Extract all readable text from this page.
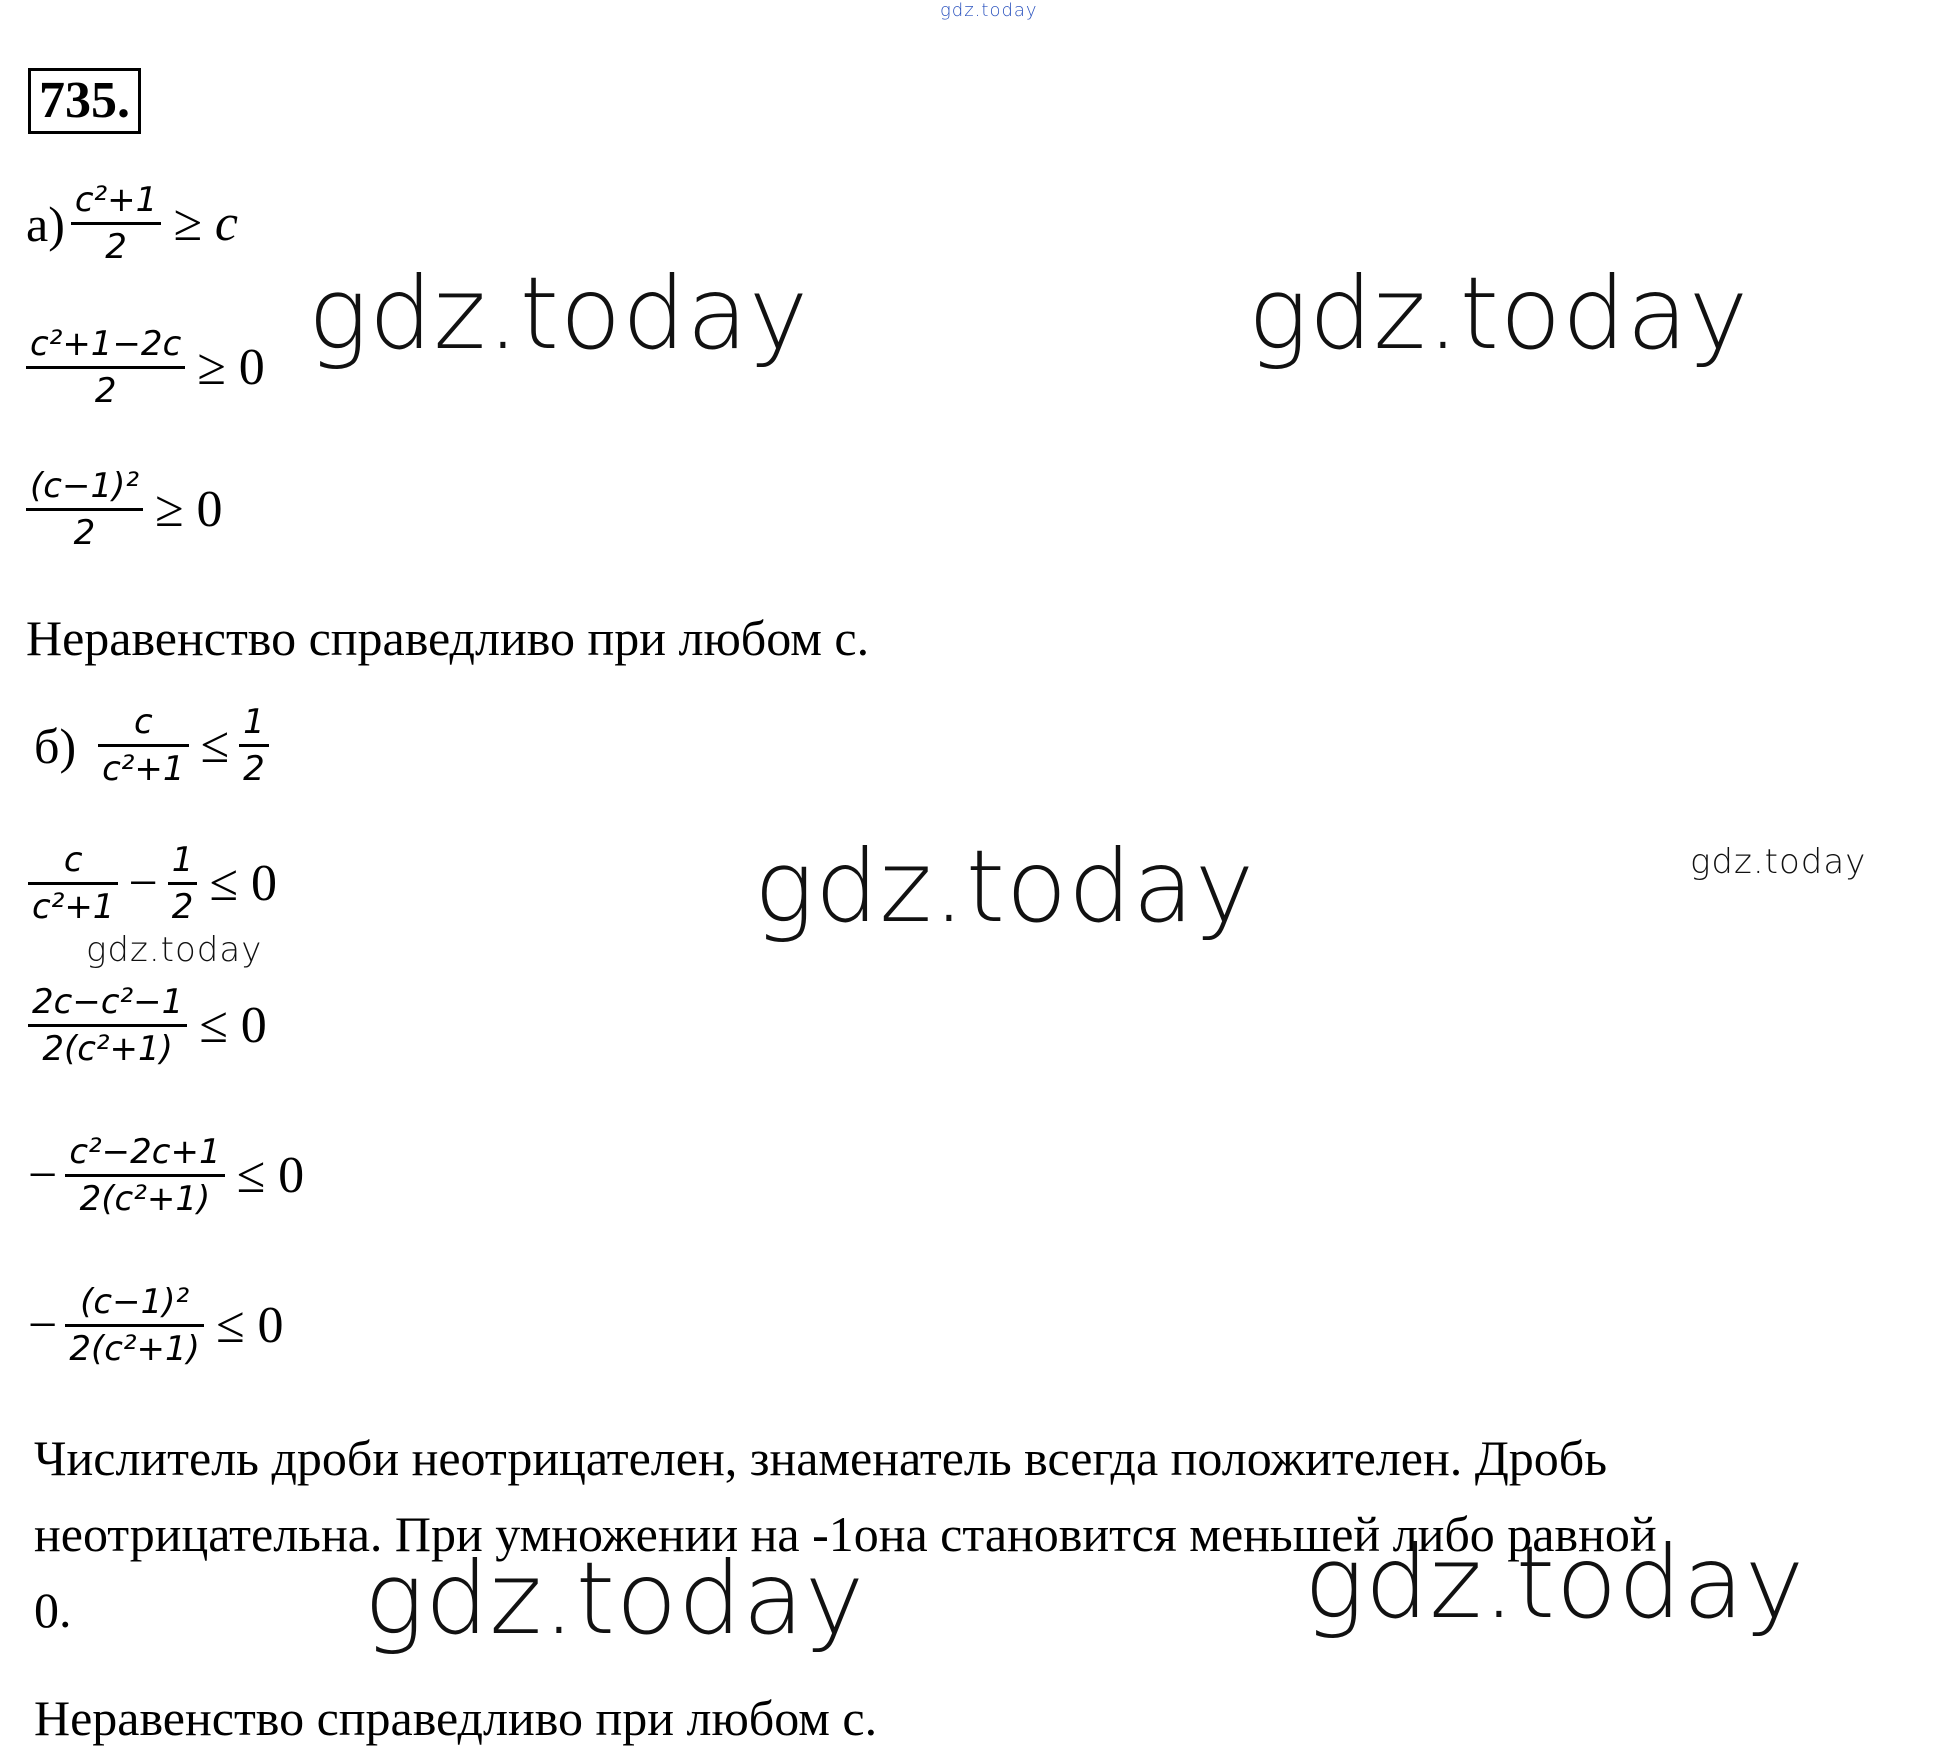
gdz.today
735.
$а) \frac{\text{c²+1}}{2} \ge c$
$\frac{\text{c²+1−2c}}{2} \ge 0$
$\frac{\text{(c−1)²}}{2} \ge 0$
Неравенство справедливо при любом c.
$б) \frac{c}{\text{c²+1}} \le \frac{1}{2}$
$\frac{c}{\text{c²+1}} - \frac{1}{2} \le 0$
$\frac{\text{2c−c²−1}}{\text{2(c²+1)}} \le 0$
− $\frac{\text{c²−2c+1}}{\text{2(c²+1)}} \le 0$
− $\frac{\text{(c−1)²}}{\text{2(c²+1)}} \le 0$
Числитель дроби неотрицателен, знаменатель всегда положителен. Дробь
неотрицательна. При умножении на -1она становится меньшей либо равной
0.
Неравенство справедливо при любом c.
gdz.today	gdz.today
gdz.today	gdz.today
gdz.today
gdz.today	gdz.today
